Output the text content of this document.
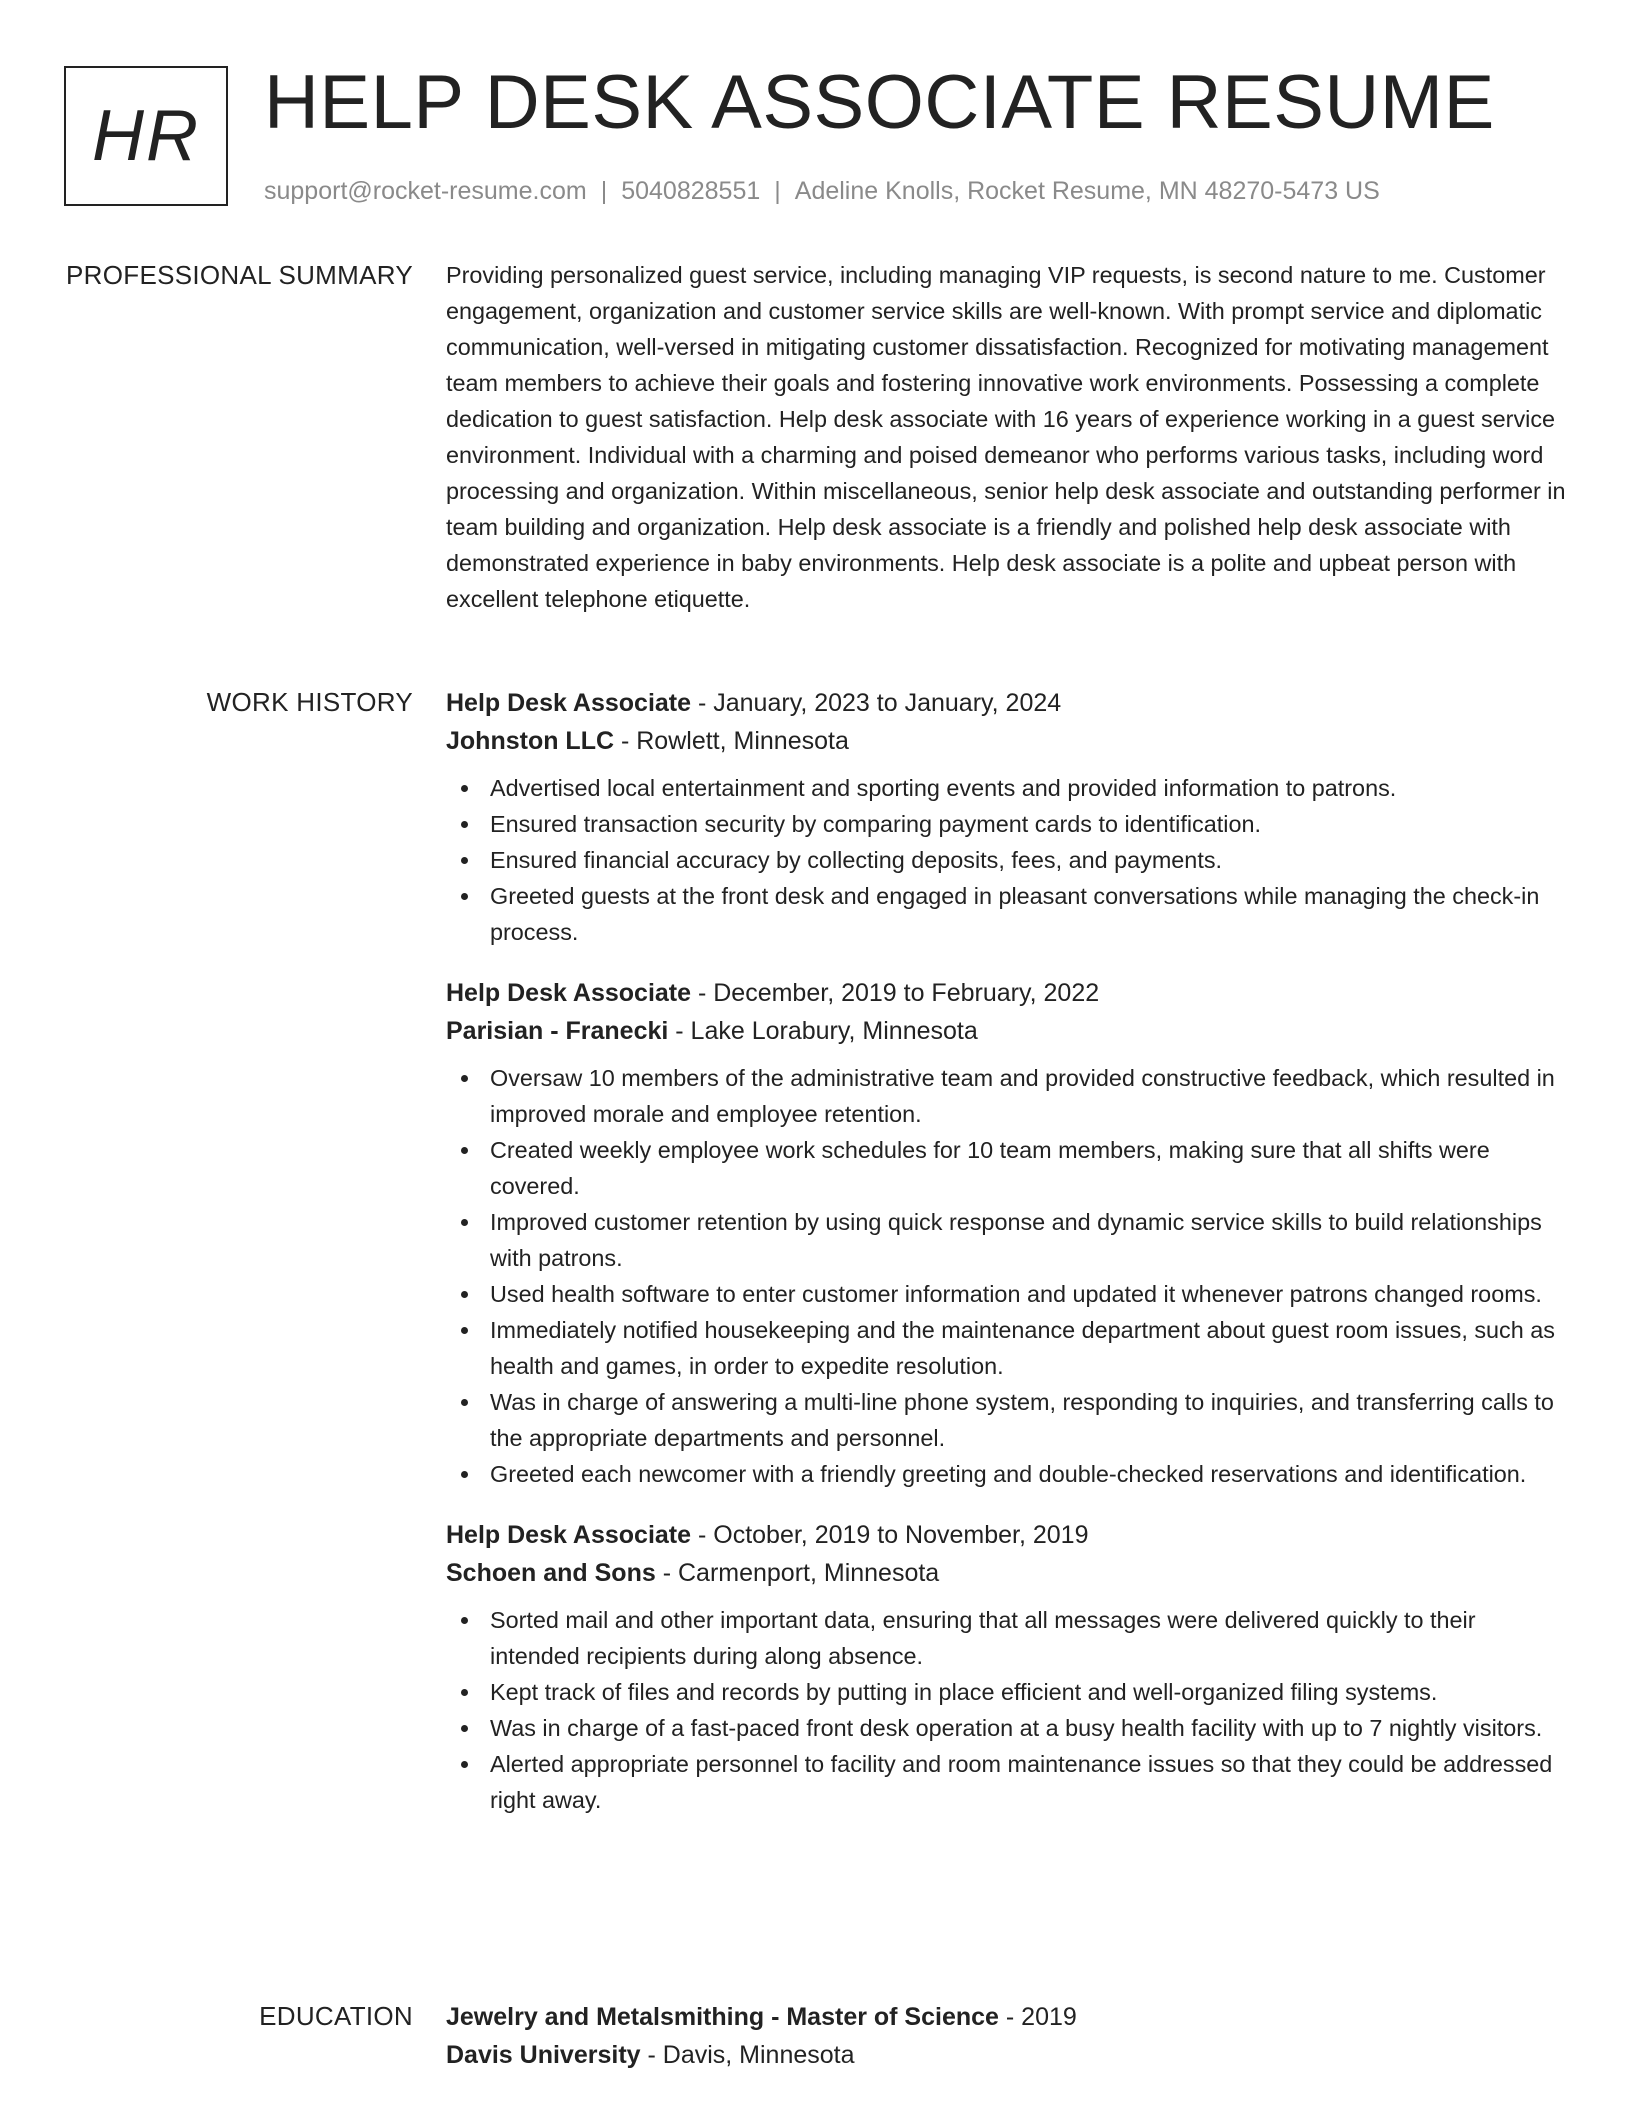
HR HELP DESK ASSOCIATE RESUME
support@rocket-resume.com | 5040828551 | Adeline Knolls, Rocket Resume, MN 48270-5473 US
PROFESSIONAL SUMMARY Providing personalized guest service, including managing VIP requests, is second nature to me. Customer engagement, organization and customer service skills are well-known. With prompt service and diplomatic communication, well-versed in mitigating customer dissatisfaction. Recognized for motivating management team members to achieve their goals and fostering innovative work environments. Possessing a complete dedication to guest satisfaction. Help desk associate with 16 years of experience working in a guest service environment. Individual with a charming and poised demeanor who performs various tasks, including word processing and organization. Within miscellaneous, senior help desk associate and outstanding performer in team building and organization. Help desk associate is a friendly and polished help desk associate with demonstrated experience in baby environments. Help desk associate is a polite and upbeat person with excellent telephone etiquette.

WORK HISTORY Help Desk Associate - January, 2023 to January, 2024
Johnston LLC - Rowlett, Minnesota
Advertised local entertainment and sporting events and provided information to patrons.
Ensured transaction security by comparing payment cards to identification.
Ensured financial accuracy by collecting deposits, fees, and payments.
Greeted guests at the front desk and engaged in pleasant conversations while managing the check-in process.
Help Desk Associate - December, 2019 to February, 2022
Parisian - Franecki - Lake Lorabury, Minnesota
Oversaw 10 members of the administrative team and provided constructive feedback, which resulted in improved morale and employee retention.
Created weekly employee work schedules for 10 team members, making sure that all shifts were covered.
Improved customer retention by using quick response and dynamic service skills to build relationships with patrons.
Used health software to enter customer information and updated it whenever patrons changed rooms.
Immediately notified housekeeping and the maintenance department about guest room issues, such as health and games, in order to expedite resolution.
Was in charge of answering a multi-line phone system, responding to inquiries, and transferring calls to the appropriate departments and personnel.
Greeted each newcomer with a friendly greeting and double-checked reservations and identification.
Help Desk Associate - October, 2019 to November, 2019
Schoen and Sons - Carmenport, Minnesota
Sorted mail and other important data, ensuring that all messages were delivered quickly to their intended recipients during along absence.
Kept track of files and records by putting in place efficient and well-organized filing systems.
Was in charge of a fast-paced front desk operation at a busy health facility with up to 7 nightly visitors.
Alerted appropriate personnel to facility and room maintenance issues so that they could be addressed right away.
EDUCATION Jewelry and Metalsmithing - Master of Science - 2019
Davis University - Davis, Minnesota
